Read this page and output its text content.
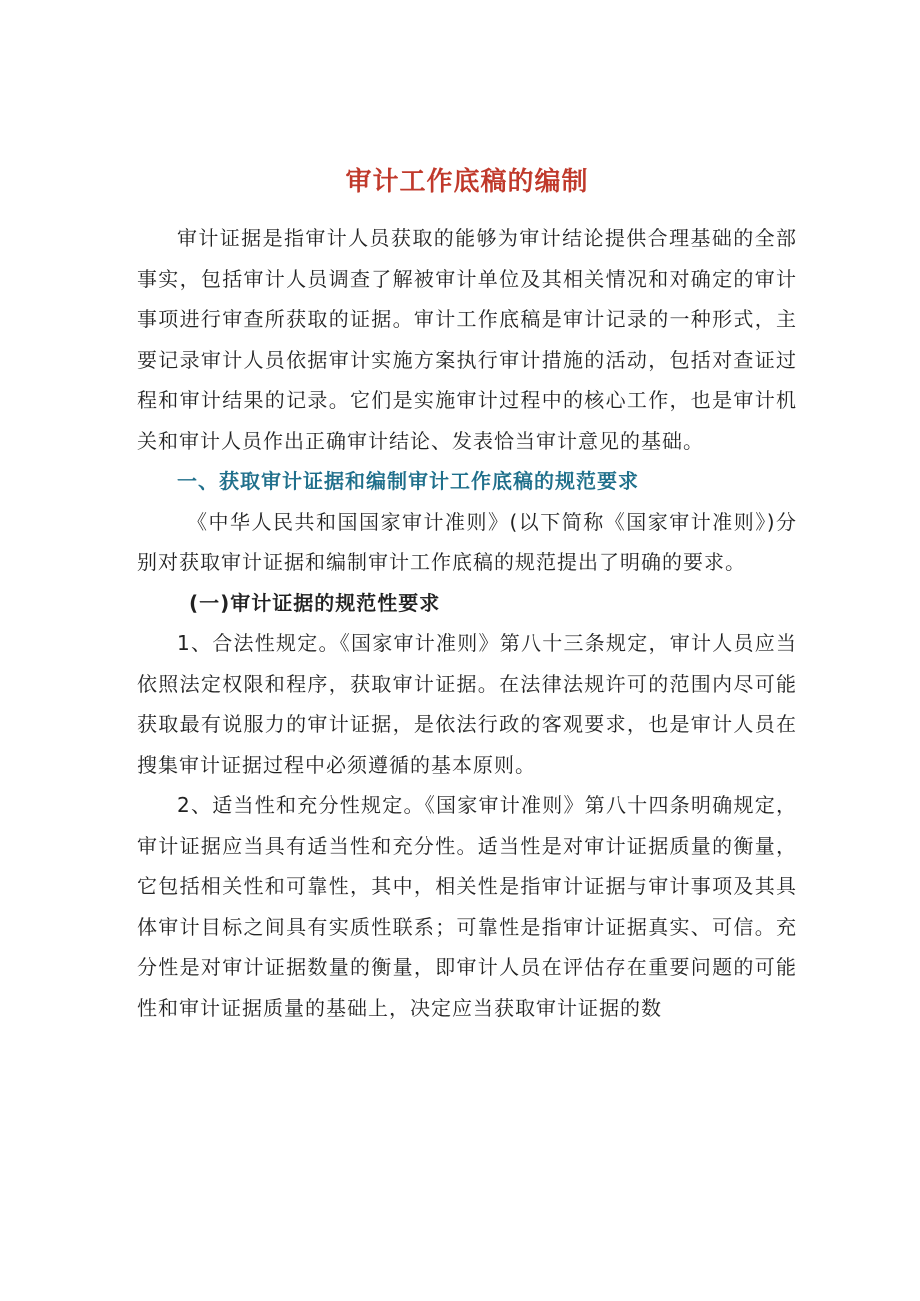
审计工作底稿的编制

审计证据是指审计人员获取的能够为审计结论提供合理基础的全部事实，包括审计人员调查了解被审计单位及其相关情况和对确定的审计事项进行审查所获取的证据。审计工作底稿是审计记录的一种形式，主要记录审计人员依据审计实施方案执行审计措施的活动，包括对查证过程和审计结果的记录。它们是实施审计过程中的核心工作，也是审计机关和审计人员作出正确审计结论、发表恰当审计意见的基础。

一、获取审计证据和编制审计工作底稿的规范要求

《中华人民共和国国家审计准则》(以下简称《国家审计准则》)分别对获取审计证据和编制审计工作底稿的规范提出了明确的要求。

(一)审计证据的规范性要求

1、合法性规定。《国家审计准则》第八十三条规定，审计人员应当依照法定权限和程序，获取审计证据。在法律法规许可的范围内尽可能获取最有说服力的审计证据，是依法行政的客观要求，也是审计人员在搜集审计证据过程中必须遵循的基本原则。

2、适当性和充分性规定。《国家审计准则》第八十四条明确规定，审计证据应当具有适当性和充分性。适当性是对审计证据质量的衡量，它包括相关性和可靠性，其中，相关性是指审计证据与审计事项及其具体审计目标之间具有实质性联系；可靠性是指审计证据真实、可信。充分性是对审计证据数量的衡量，即审计人员在评估存在重要问题的可能性和审计证据质量的基础上，决定应当获取审计证据的数
